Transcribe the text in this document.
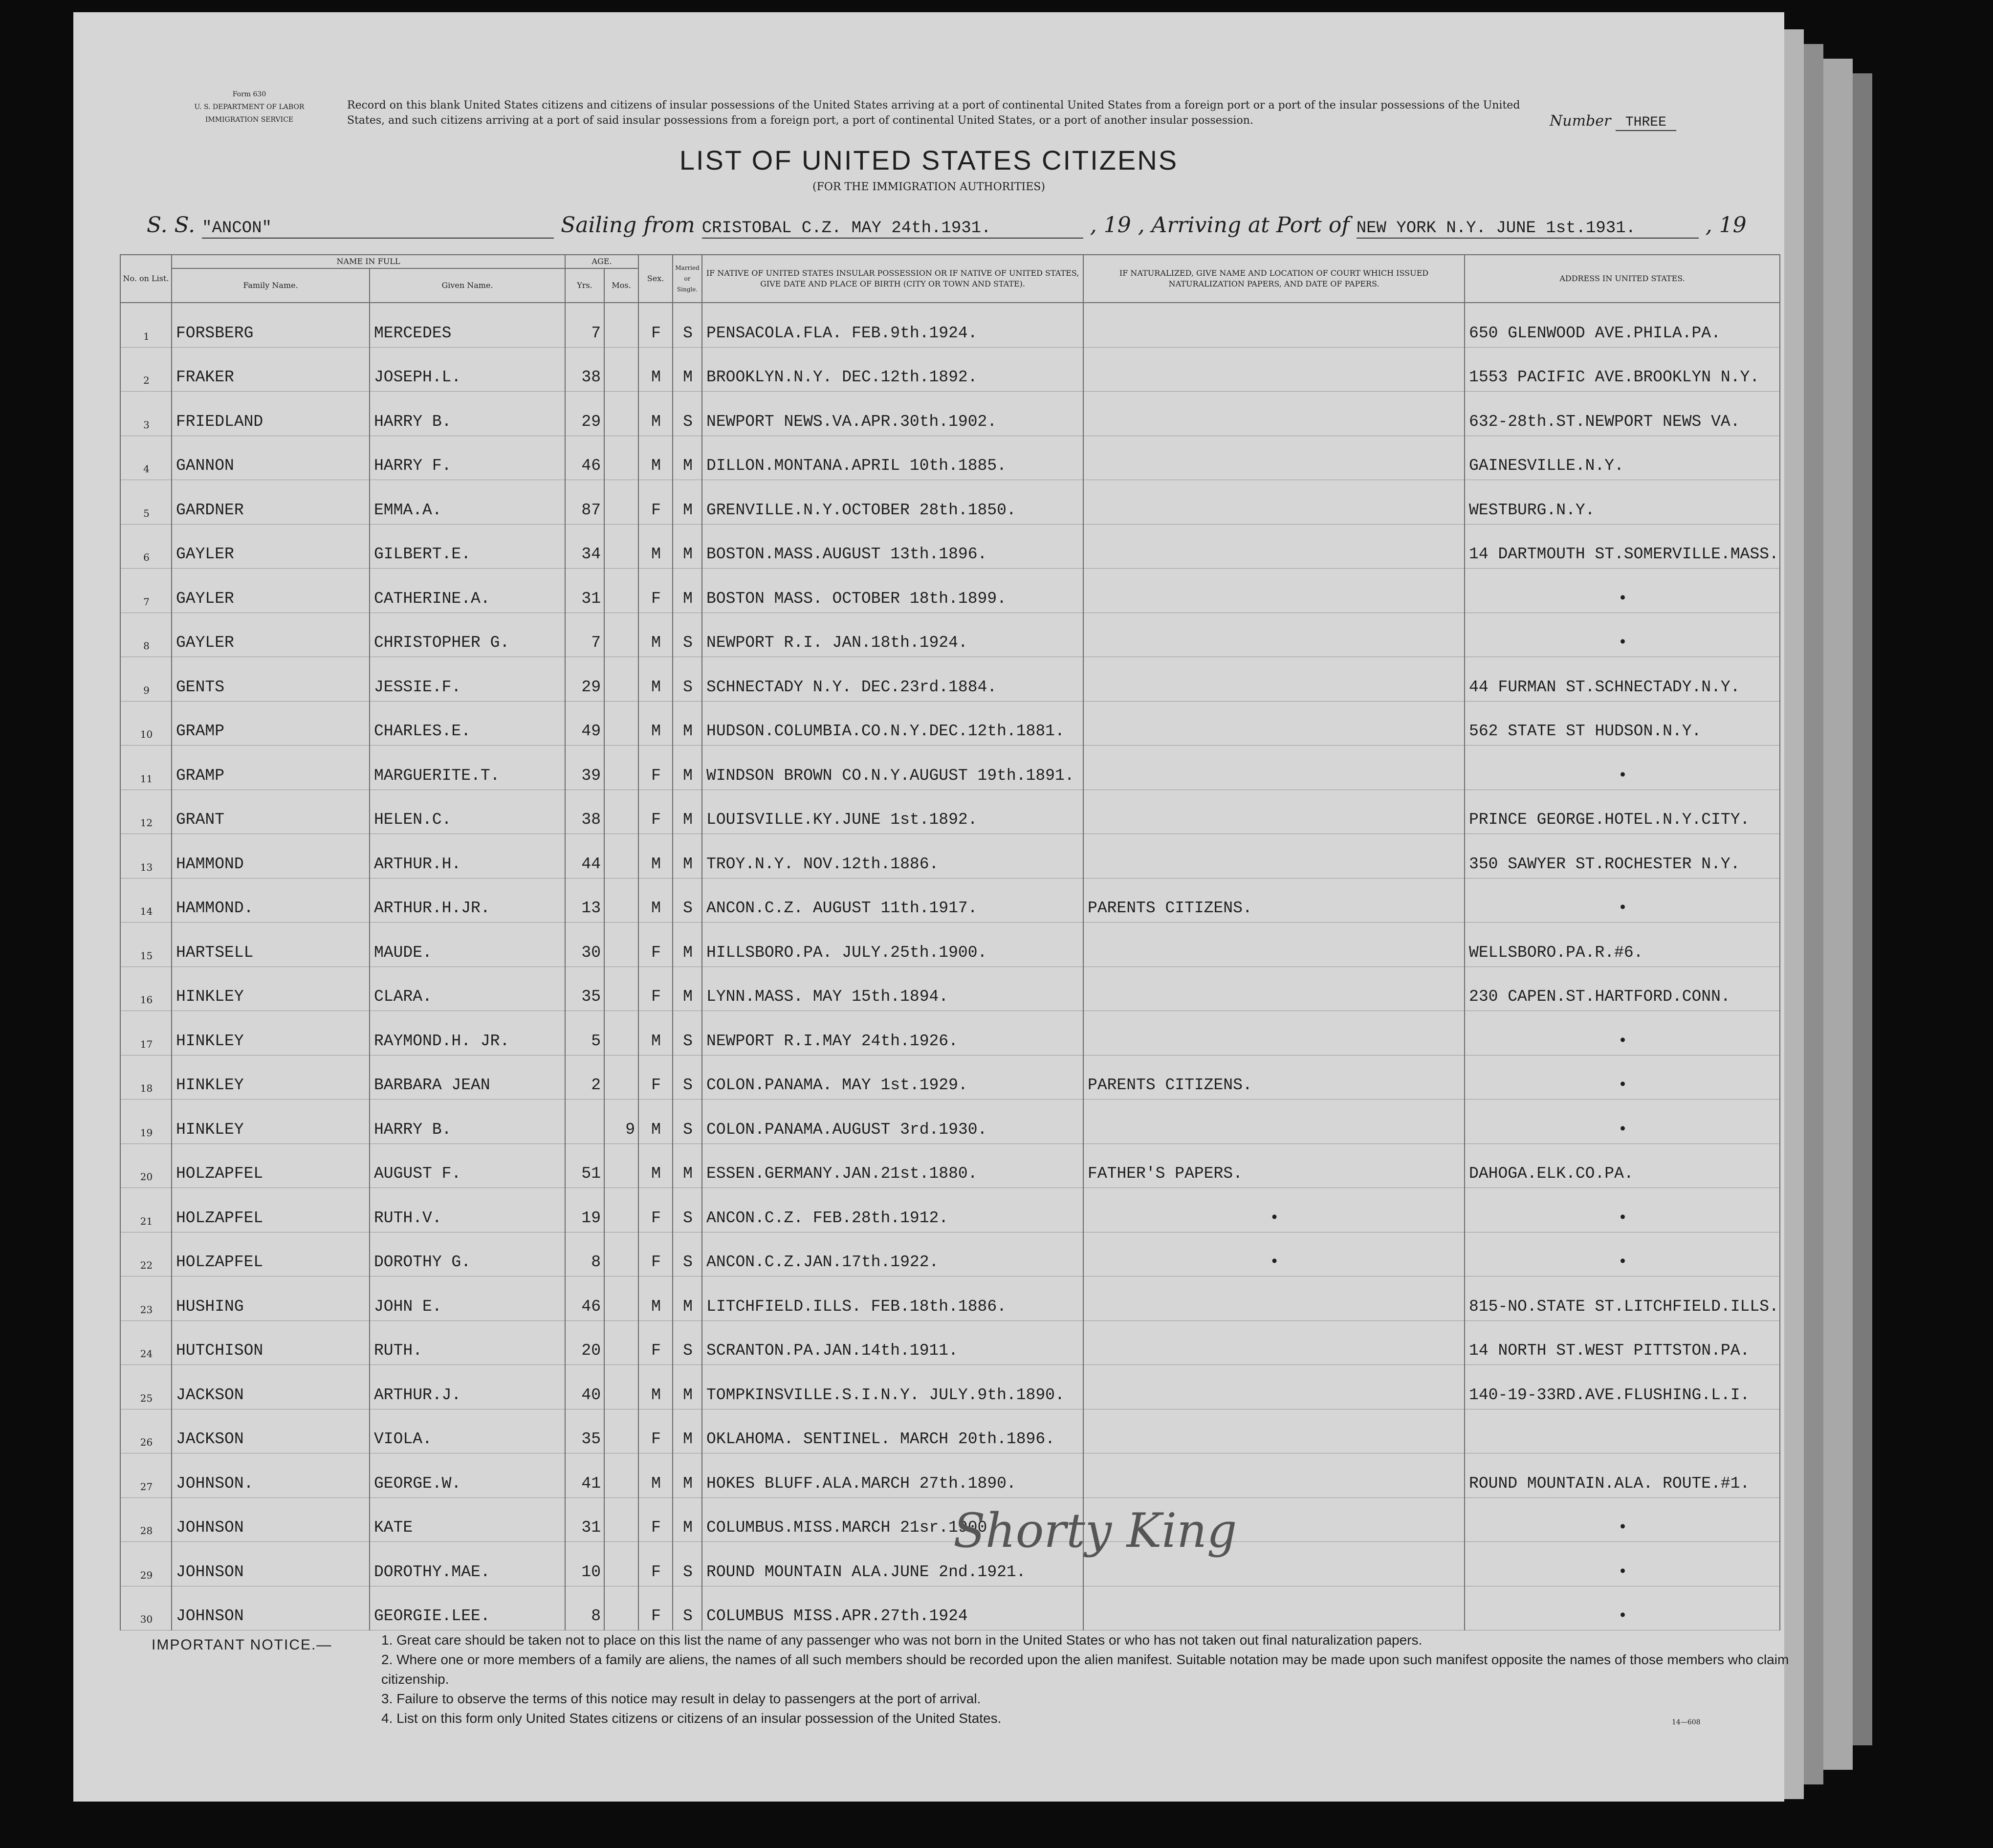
Form 630
U. S. DEPARTMENT OF LABOR
IMMIGRATION SERVICE
Record on this blank United States citizens and citizens of insular possessions of the United States arriving at a port of continental United States from a foreign port or a port of the insular possessions of the United States, and such citizens arriving at a port of said insular possessions from a foreign port, a port of continental United States, or a port of another insular possession.	Number THREE
LIST OF UNITED STATES CITIZENS
(FOR THE IMMIGRATION AUTHORITIES)
S. S. "ANCON"	Sailing from CRISTOBAL C.Z. MAY 24th.1931.	, 19 , Arriving at Port of NEW YORK N.Y. JUNE 1st.1931.	, 19
No. on List.	NAME IN FULL		AGE.		Sex.	Married or Single.	IF NATIVE OF UNITED STATES INSULAR POSSESSION OR IF NATIVE OF UNITED STATES, GIVE DATE AND PLACE OF BIRTH (CITY OR TOWN AND STATE).	IF NATURALIZED, GIVE NAME AND LOCATION OF COURT WHICH ISSUED NATURALIZATION PAPERS, AND DATE OF PAPERS.	ADDRESS IN UNITED STATES.
	Family Name.	Given Name.	Yrs.	Mos.					
1	FORSBERG	MERCEDES	7		F	S	PENSACOLA.FLA. FEB.9th.1924.		650 GLENWOOD AVE.PHILA.PA.
2	FRAKER	JOSEPH.L.	38		M	M	BROOKLYN.N.Y. DEC.12th.1892.		1553 PACIFIC AVE.BROOKLYN N.Y.
3	FRIEDLAND	HARRY B.	29		M	S	NEWPORT NEWS.VA.APR.30th.1902.		632-28th.ST.NEWPORT NEWS VA.
4	GANNON	HARRY F.	46		M	M	DILLON.MONTANA.APRIL 10th.1885.		GAINESVILLE.N.Y.
5	GARDNER	EMMA.A.	87		F	M	GRENVILLE.N.Y.OCTOBER 28th.1850.		WESTBURG.N.Y.
6	GAYLER	GILBERT.E.	34		M	M	BOSTON.MASS.AUGUST 13th.1896.		14 DARTMOUTH ST.SOMERVILLE.MASS.
7	GAYLER	CATHERINE.A.	31		F	M	BOSTON MASS. OCTOBER 18th.1899.		•
8	GAYLER	CHRISTOPHER G.	7		M	S	NEWPORT R.I. JAN.18th.1924.		•
9	GENTS	JESSIE.F.	29		M	S	SCHNECTADY N.Y. DEC.23rd.1884.		44 FURMAN ST.SCHNECTADY.N.Y.
10	GRAMP	CHARLES.E.	49		M	M	HUDSON.COLUMBIA.CO.N.Y.DEC.12th.1881.		562 STATE ST HUDSON.N.Y.
11	GRAMP	MARGUERITE.T.	39		F	M	WINDSON BROWN CO.N.Y.AUGUST 19th.1891.		•
12	GRANT	HELEN.C.	38		F	M	LOUISVILLE.KY.JUNE 1st.1892.		PRINCE GEORGE.HOTEL.N.Y.CITY.
13	HAMMOND	ARTHUR.H.	44		M	M	TROY.N.Y. NOV.12th.1886.		350 SAWYER ST.ROCHESTER N.Y.
14	HAMMOND.	ARTHUR.H.JR.	13		M	S	ANCON.C.Z. AUGUST 11th.1917.	PARENTS CITIZENS.	•
15	HARTSELL	MAUDE.	30		F	M	HILLSBORO.PA. JULY.25th.1900.		WELLSBORO.PA.R.#6.
16	HINKLEY	CLARA.	35		F	M	LYNN.MASS. MAY 15th.1894.		230 CAPEN.ST.HARTFORD.CONN.
17	HINKLEY	RAYMOND.H. JR.	5		M	S	NEWPORT R.I.MAY 24th.1926.		•
18	HINKLEY	BARBARA JEAN	2		F	S	COLON.PANAMA. MAY 1st.1929.	PARENTS CITIZENS.	•
19	HINKLEY	HARRY B.		9	M	S	COLON.PANAMA.AUGUST 3rd.1930.		•
20	HOLZAPFEL	AUGUST F.	51		M	M	ESSEN.GERMANY.JAN.21st.1880.	FATHER'S PAPERS.	DAHOGA.ELK.CO.PA.
21	HOLZAPFEL	RUTH.V.	19		F	S	ANCON.C.Z. FEB.28th.1912.	•	•
22	HOLZAPFEL	DOROTHY G.	8		F	S	ANCON.C.Z.JAN.17th.1922.	•	•
23	HUSHING	JOHN E.	46		M	M	LITCHFIELD.ILLS. FEB.18th.1886.		815-NO.STATE ST.LITCHFIELD.ILLS.
24	HUTCHISON	RUTH.	20		F	S	SCRANTON.PA.JAN.14th.1911.		14 NORTH ST.WEST PITTSTON.PA.
25	JACKSON	ARTHUR.J.	40		M	M	TOMPKINSVILLE.S.I.N.Y. JULY.9th.1890.		140-19-33RD.AVE.FLUSHING.L.I.
26	JACKSON	VIOLA.	35		F	M	OKLAHOMA. SENTINEL. MARCH 20th.1896.		
27	JOHNSON.	GEORGE.W.	41		M	M	HOKES BLUFF.ALA.MARCH 27th.1890.		ROUND MOUNTAIN.ALA. ROUTE.#1.
28	JOHNSON	KATE	31		F	M	COLUMBUS.MISS.MARCH 21sr.1900.		•
29	JOHNSON	DOROTHY.MAE.	10		F	S	ROUND MOUNTAIN ALA.JUNE 2nd.1921.		•
30	JOHNSON	GEORGIE.LEE.	8		F	S	COLUMBUS MISS.APR.27th.1924		•
Shorty King
IMPORTANT NOTICE.—	1. Great care should be taken not to place on this list the name of any passenger who was not born in the United States or who has not taken out final naturalization papers.
2. Where one or more members of a family are aliens, the names of all such members should be recorded upon the alien manifest. Suitable notation may be made upon such manifest opposite the names of those members who claim citizenship.
3. Failure to observe the terms of this notice may result in delay to passengers at the port of arrival.
4. List on this form only United States citizens or citizens of an insular possession of the United States.	14—608
